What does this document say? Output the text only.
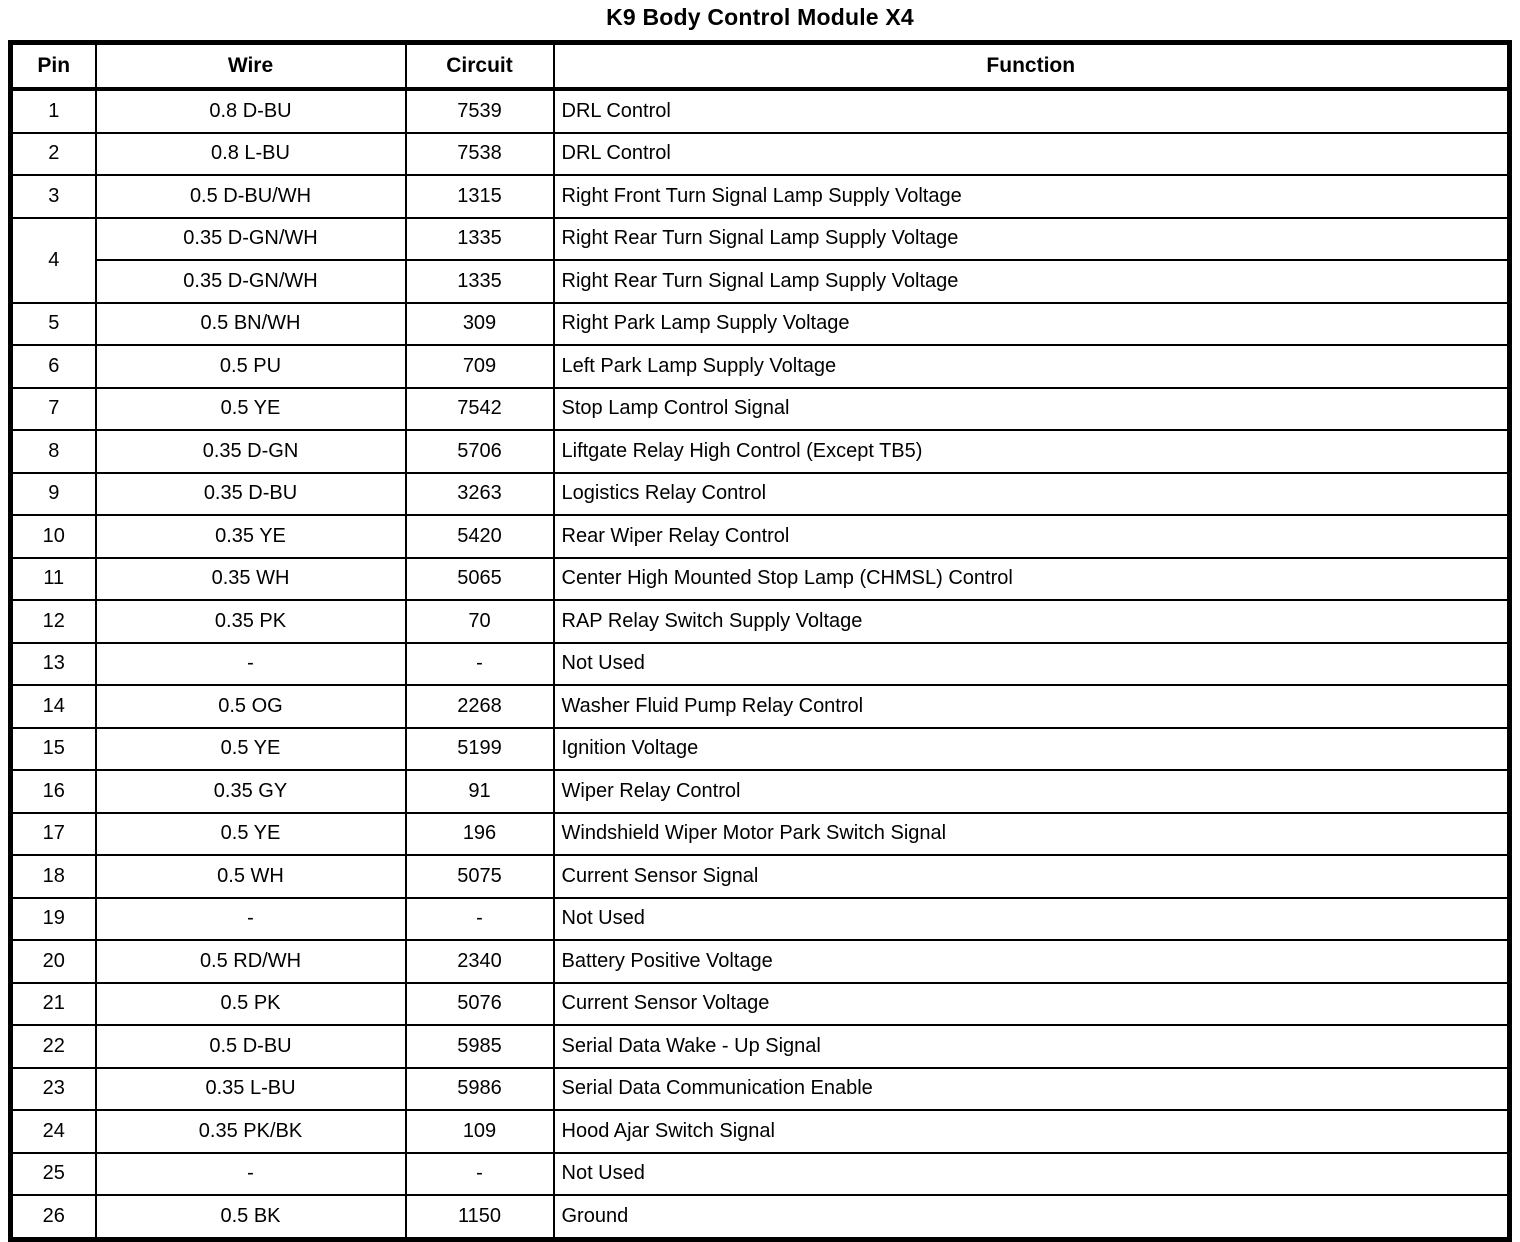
K9 Body Control Module X4
Pin	Wire	Circuit	Function
1	0.8 D-BU	7539	DRL Control
2	0.8 L-BU	7538	DRL Control
3	0.5 D-BU/WH	1315	Right Front Turn Signal Lamp Supply Voltage
4	0.35 D-GN/WH	1335	Right Rear Turn Signal Lamp Supply Voltage
	0.35 D-GN/WH	1335	Right Rear Turn Signal Lamp Supply Voltage
5	0.5 BN/WH	309	Right Park Lamp Supply Voltage
6	0.5 PU	709	Left Park Lamp Supply Voltage
7	0.5 YE	7542	Stop Lamp Control Signal
8	0.35 D-GN	5706	Liftgate Relay High Control (Except TB5)
9	0.35 D-BU	3263	Logistics Relay Control
10	0.35 YE	5420	Rear Wiper Relay Control
11	0.35 WH	5065	Center High Mounted Stop Lamp (CHMSL) Control
12	0.35 PK	70	RAP Relay Switch Supply Voltage
13	-	-	Not Used
14	0.5 OG	2268	Washer Fluid Pump Relay Control
15	0.5 YE	5199	Ignition Voltage
16	0.35 GY	91	Wiper Relay Control
17	0.5 YE	196	Windshield Wiper Motor Park Switch Signal
18	0.5 WH	5075	Current Sensor Signal
19	-	-	Not Used
20	0.5 RD/WH	2340	Battery Positive Voltage
21	0.5 PK	5076	Current Sensor Voltage
22	0.5 D-BU	5985	Serial Data Wake - Up Signal
23	0.35 L-BU	5986	Serial Data Communication Enable
24	0.35 PK/BK	109	Hood Ajar Switch Signal
25	-	-	Not Used
26	0.5 BK	1150	Ground
